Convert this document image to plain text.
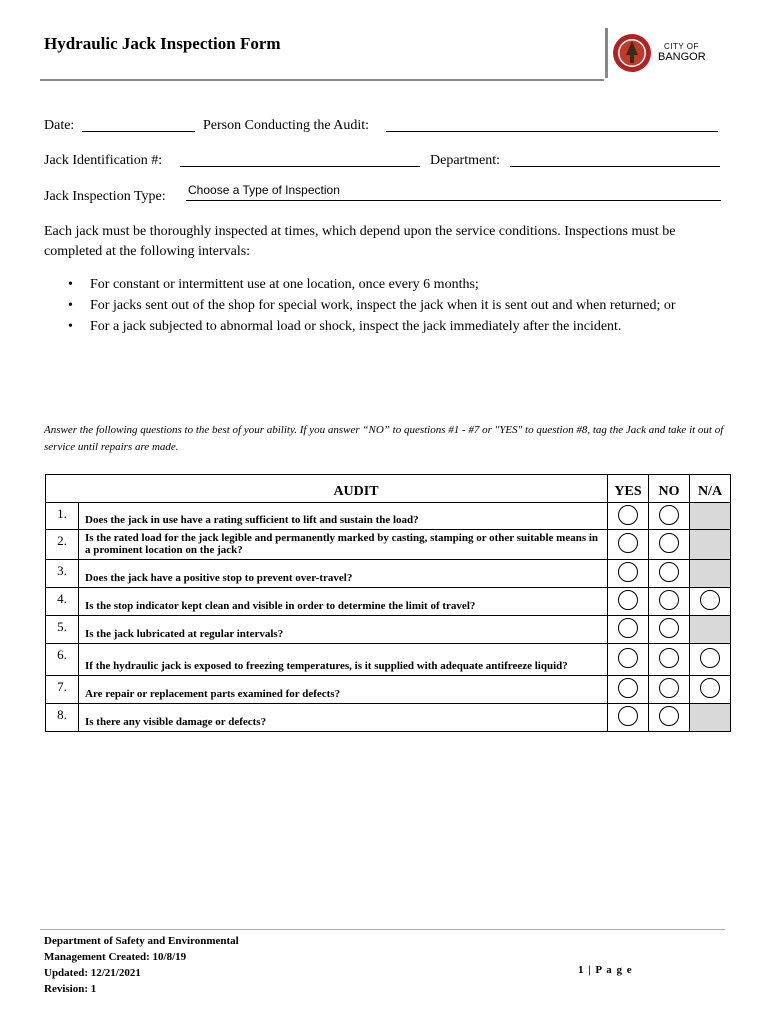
Hydraulic Jack Inspection Form	CITY OF
BANGOR
Date:	Person Conducting the Audit:
Jack Identification #:	Department:
Jack Inspection Type: Choose a Type of Inspection
Each jack must be thoroughly inspected at times, which depend upon the service conditions. Inspections must be completed at the following intervals:
• For constant or intermittent use at one location, once every 6 months;
• For jacks sent out of the shop for special work, inspect the jack when it is sent out and when returned; or
• For a jack subjected to abnormal load or shock, inspect the jack immediately after the incident.
Answer the following questions to the best of your ability. If you answer “NO” to questions #1 - #7 or "YES" to question #8, tag the Jack and take it out of service until repairs are made.
AUDIT		YES	NO	N/A
1.	Does the jack in use have a rating sufficient to lift and sustain the load?			
2.	Is the rated load for the jack legible and permanently marked by casting, stamping or other suitable means in a prominent location on the jack?			
3.	Does the jack have a positive stop to prevent over-travel?			
4.	Is the stop indicator kept clean and visible in order to determine the limit of travel?			
5.	Is the jack lubricated at regular intervals?			
6.	If the hydraulic jack is exposed to freezing temperatures, is it supplied with adequate antifreeze liquid?			
7.	Are repair or replacement parts examined for defects?			
8.	Is there any visible damage or defects?			
Department of Safety and Environmental
Management Created: 10/8/19
Updated: 12/21/2021
Revision: 1
1 | P a g e
